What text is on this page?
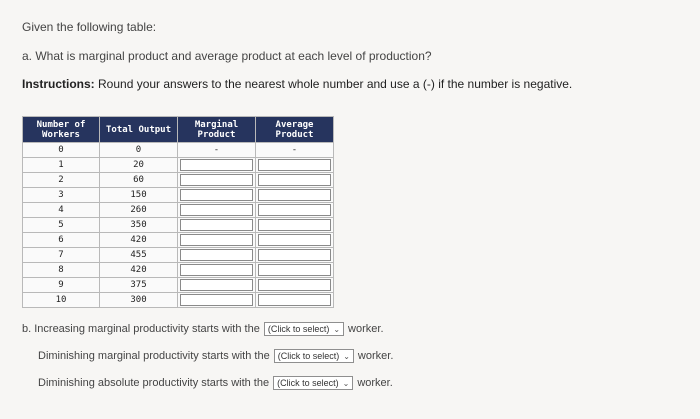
Given the following table:
a. What is marginal product and average product at each level of production?
Instructions: Round your answers to the nearest whole number and use a (-) if the number is negative.
Number of Workers	Total Output	Marginal Product	Average Product
0	0	-	-
1	20	

2	60	

3	150	

4	260	

5	350	

6	420	

7	455	

8	420	

9	375	

10	300	

b. Increasing marginal productivity starts with the (Click to select) ⌄ worker.
Diminishing marginal productivity starts with the (Click to select) ⌄ worker.
Diminishing absolute productivity starts with the (Click to select) ⌄ worker.
